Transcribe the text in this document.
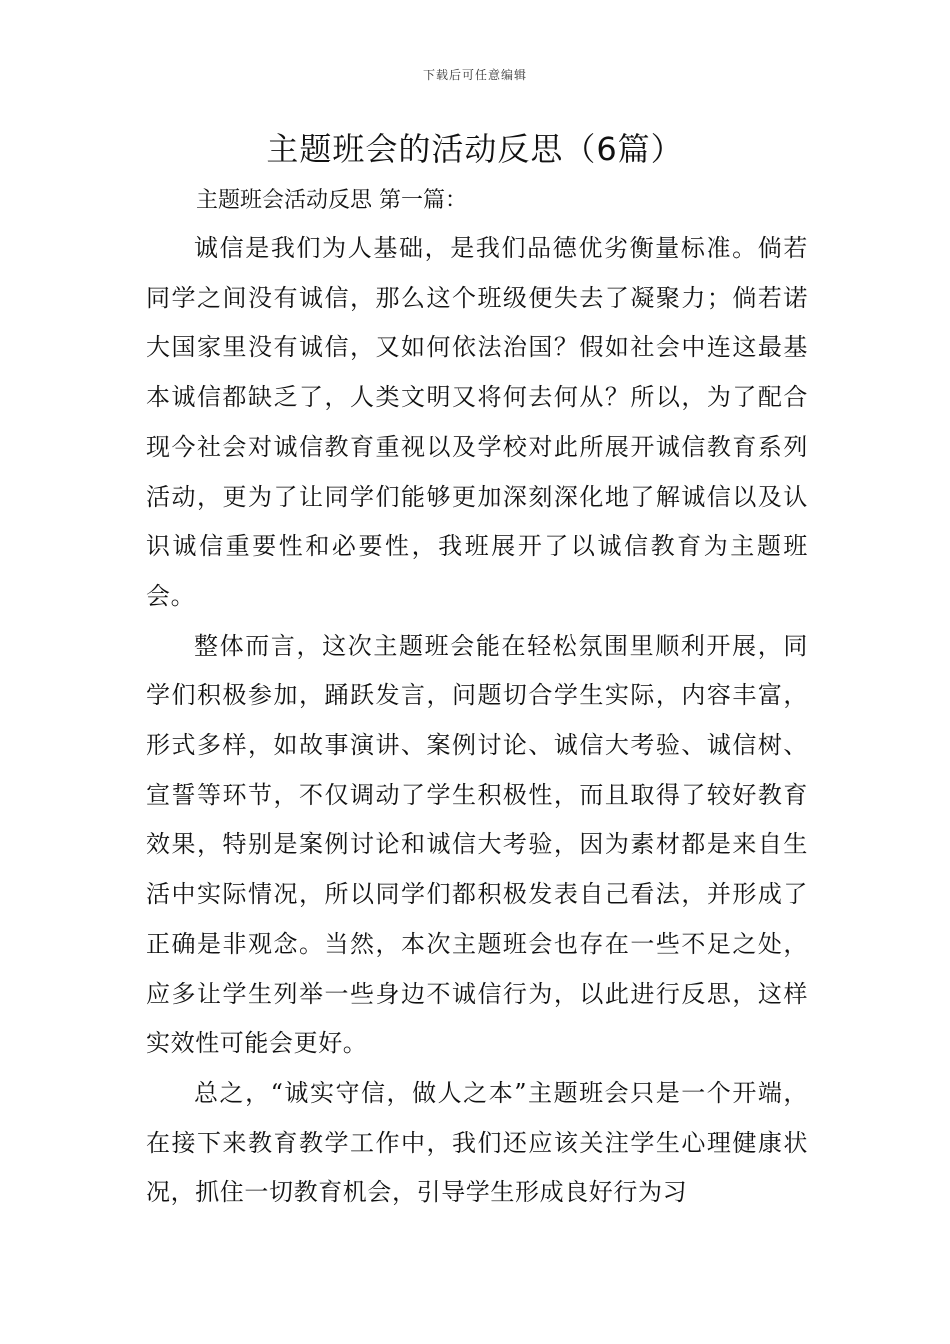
下载后可任意编辑
主题班会的活动反思（6篇）

主题班会活动反思 第一篇：

诚信是我们为人基础，是我们品德优劣衡量标准。倘若同学之间没有诚信，那么这个班级便失去了凝聚力；倘若诺大国家里没有诚信，又如何依法治国？假如社会中连这最基本诚信都缺乏了，人类文明又将何去何从？所以，为了配合现今社会对诚信教育重视以及学校对此所展开诚信教育系列活动，更为了让同学们能够更加深刻深化地了解诚信以及认识诚信重要性和必要性，我班展开了以诚信教育为主题班会。

整体而言，这次主题班会能在轻松氛围里顺利开展，同学们积极参加，踊跃发言，问题切合学生实际，内容丰富，形式多样，如故事演讲、案例讨论、诚信大考验、诚信树、宣誓等环节，不仅调动了学生积极性，而且取得了较好教育效果，特别是案例讨论和诚信大考验，因为素材都是来自生活中实际情况，所以同学们都积极发表自己看法，并形成了正确是非观念。当然，本次主题班会也存在一些不足之处，应多让学生列举一些身边不诚信行为，以此进行反思，这样实效性可能会更好。

总之，“诚实守信，做人之本”主题班会只是一个开端，在接下来教育教学工作中，我们还应该关注学生心理健康状况，抓住一切教育机会，引导学生形成良好行为习
